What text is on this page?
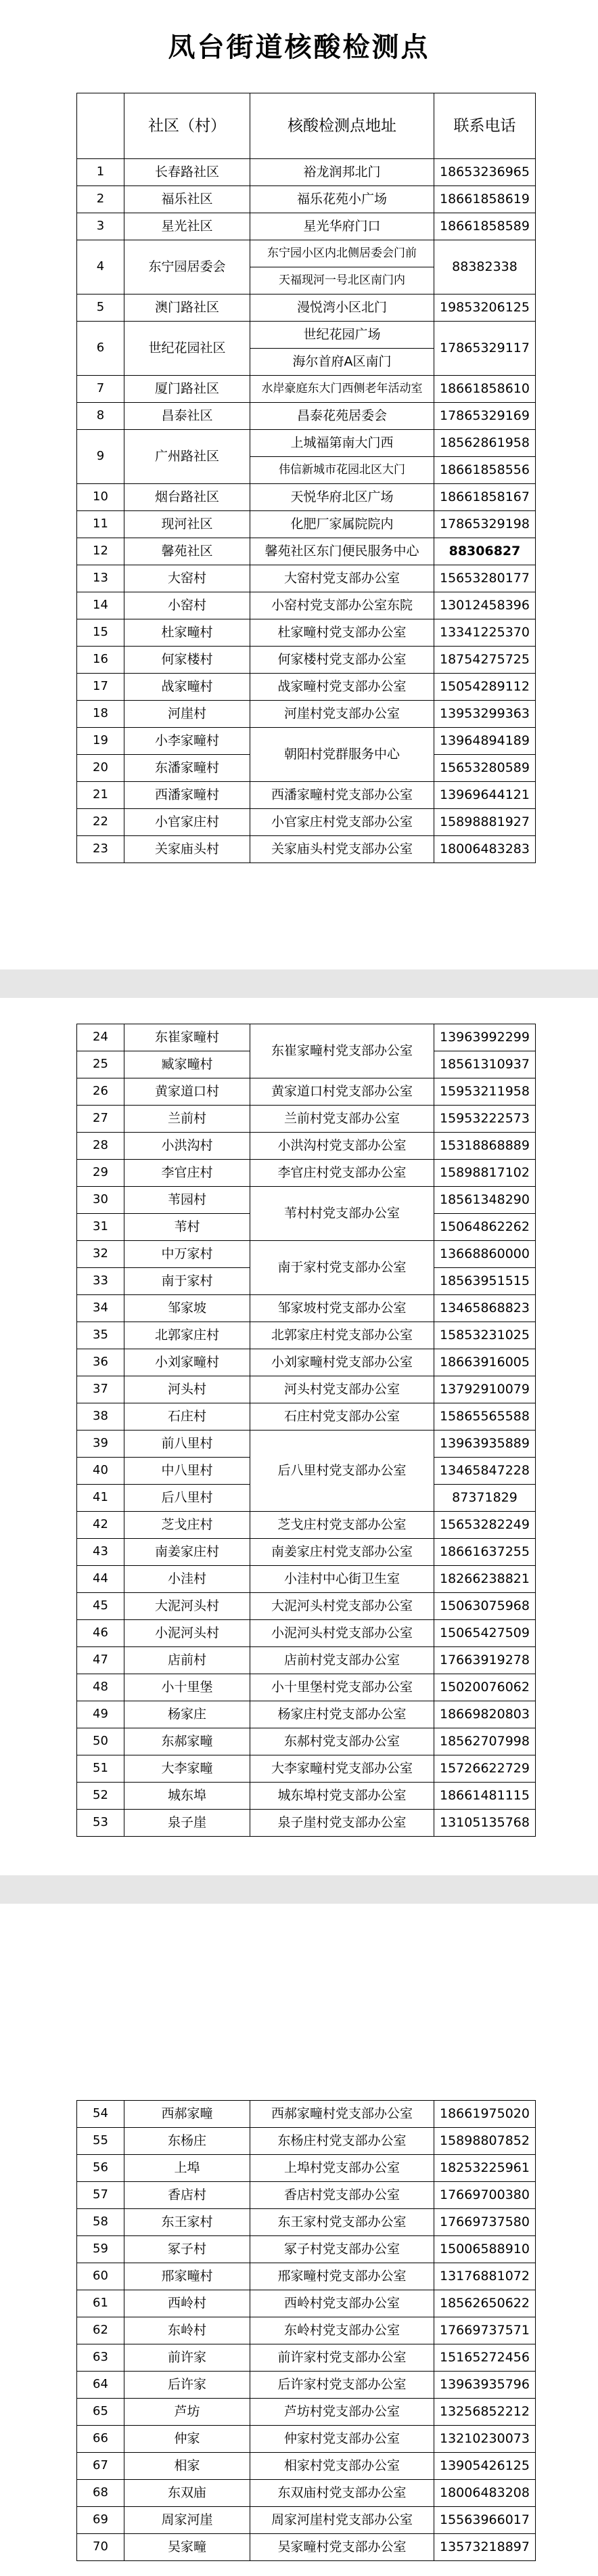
凤台街道核酸检测点
	社区（村）	核酸检测点地址	联系电话
1	长春路社区	裕龙润邦北门	18653236965
2	福乐社区	福乐花苑小广场	18661858619
3	星光社区	星光华府门口	18661858589
4	东宁园居委会	东宁园小区内北侧居委会门前	88382338
		天福现河一号北区南门内	
5	澳门路社区	漫悦湾小区北门	19853206125
6	世纪花园社区	世纪花园广场	17865329117
		海尔首府A区南门	
7	厦门路社区	水岸豪庭东大门西侧老年活动室	18661858610
8	昌泰社区	昌泰花苑居委会	17865329169
9	广州路社区	上城福第南大门西	18562861958
		伟信新城市花园北区大门	18661858556
10	烟台路社区	天悦华府北区广场	18661858167
11	现河社区	化肥厂家属院院内	17865329198
12	馨苑社区	馨苑社区东门便民服务中心	88306827
13	大窑村	大窑村党支部办公室	15653280177
14	小窑村	小窑村党支部办公室东院	13012458396
15	杜家疃村	杜家疃村党支部办公室	13341225370
16	何家楼村	何家楼村党支部办公室	18754275725
17	战家疃村	战家疃村党支部办公室	15054289112
18	河崖村	河崖村党支部办公室	13953299363
19	小李家疃村	朝阳村党群服务中心	13964894189
20	东潘家疃村		15653280589
21	西潘家疃村	西潘家疃村党支部办公室	13969644121
22	小官家庄村	小官家庄村党支部办公室	15898881927
23	关家庙头村	关家庙头村党支部办公室	18006483283
24	东崔家疃村	东崔家疃村党支部办公室	13963992299
25	臧家疃村		18561310937
26	黄家道口村	黄家道口村党支部办公室	15953211958
27	兰前村	兰前村党支部办公室	15953222573
28	小洪沟村	小洪沟村党支部办公室	15318868889
29	李官庄村	李官庄村党支部办公室	15898817102
30	苇园村	苇村村党支部办公室	18561348290
31	苇村		15064862262
32	中万家村	南于家村党支部办公室	13668860000
33	南于家村		18563951515
34	邹家坡	邹家坡村党支部办公室	13465868823
35	北郭家庄村	北郭家庄村党支部办公室	15853231025
36	小刘家疃村	小刘家疃村党支部办公室	18663916005
37	河头村	河头村党支部办公室	13792910079
38	石庄村	石庄村党支部办公室	15865565588
39	前八里村	后八里村党支部办公室	13963935889
40	中八里村		13465847228
41	后八里村		87371829
42	芝戈庄村	芝戈庄村党支部办公室	15653282249
43	南姜家庄村	南姜家庄村党支部办公室	18661637255
44	小洼村	小洼村中心街卫生室	18266238821
45	大泥河头村	大泥河头村党支部办公室	15063075968
46	小泥河头村	小泥河头村党支部办公室	15065427509
47	店前村	店前村党支部办公室	17663919278
48	小十里堡	小十里堡村党支部办公室	15020076062
49	杨家庄	杨家庄村党支部办公室	18669820803
50	东郝家疃	东郝村党支部办公室	18562707998
51	大李家疃	大李家疃村党支部办公室	15726622729
52	城东埠	城东埠村党支部办公室	18661481115
53	泉子崖	泉子崖村党支部办公室	13105135768
54	西郝家疃	西郝家疃村党支部办公室	18661975020
55	东杨庄	东杨庄村党支部办公室	15898807852
56	上埠	上埠村党支部办公室	18253225961
57	香店村	香店村党支部办公室	17669700380
58	东王家村	东王家村党支部办公室	17669737580
59	冢子村	冢子村党支部办公室	15006588910
60	邢家疃村	邢家疃村党支部办公室	13176881072
61	西岭村	西岭村党支部办公室	18562650622
62	东岭村	东岭村党支部办公室	17669737571
63	前许家	前许家村党支部办公室	15165272456
64	后许家	后许家村党支部办公室	13963935796
65	芦坊	芦坊村党支部办公室	13256852212
66	仲家	仲家村党支部办公室	13210230073
67	相家	相家村党支部办公室	13905426125
68	东双庙	东双庙村党支部办公室	18006483208
69	周家河崖	周家河崖村党支部办公室	15563966017
70	吴家疃	吴家疃村党支部办公室	13573218897
